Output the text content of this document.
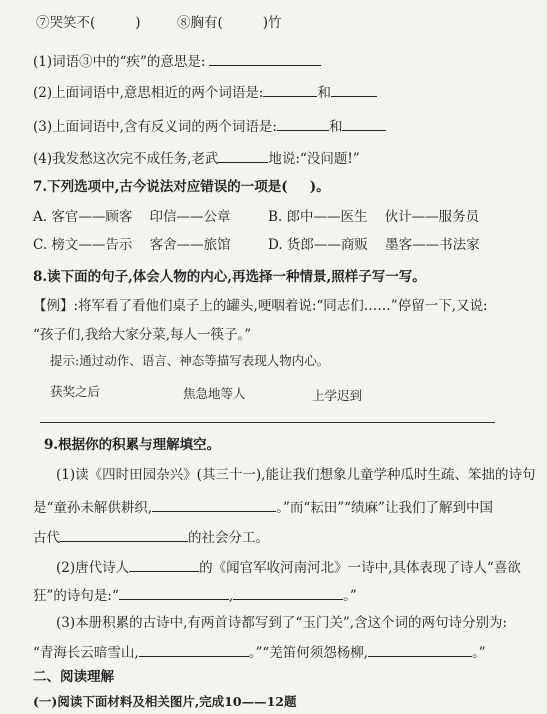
⑦哭笑不(	)	⑧胸有(	)竹
(1)词语③中的“疾”的意思是:
(2)上面词语中,意思相近的两个词语是:	和
(3)上面词语中,含有反义词的两个词语是:	和
(4)我发愁这次完不成任务,老武	地说:“没问题!”
7.下列选项中,古今说法对应错误的一项是( )。
A. 客官——顾客    印信——公章	B. 郎中——医生    伙计——服务员
C. 榜文——告示    客舍——旅馆	D. 货郎——商贩    墨客——书法家
8.读下面的句子,体会人物的内心,再选择一种情景,照样子写一写。
【例】:将军看了看他们桌子上的罐头,哽咽着说:“同志们……”停留一下,又说:
“孩子们,我给大家分菜,每人一筷子。”
提示:通过动作、语言、神态等描写表现人物内心。
获奖之后	焦急地等人	上学迟到
9.根据你的积累与理解填空。
(1)读《四时田园杂兴》(其三十一),能让我们想象儿童学种瓜时生疏、笨拙的诗句
是“童孙未解供耕织,	。”而“耘田”“绩麻”让我们了解到中国
古代	的社会分工。
(2)唐代诗人	的《闻官军收河南河北》一诗中,具体表现了诗人“喜欲
狂”的诗句是:“	,	。”
(3)本册积累的古诗中,有两首诗都写到了“玉门关”,含这个词的两句诗分别为:
“青海长云暗雪山,	。”“羌笛何须怨杨柳,	。”
二、阅读理解
(一)阅读下面材料及相关图片,完成10——12题
